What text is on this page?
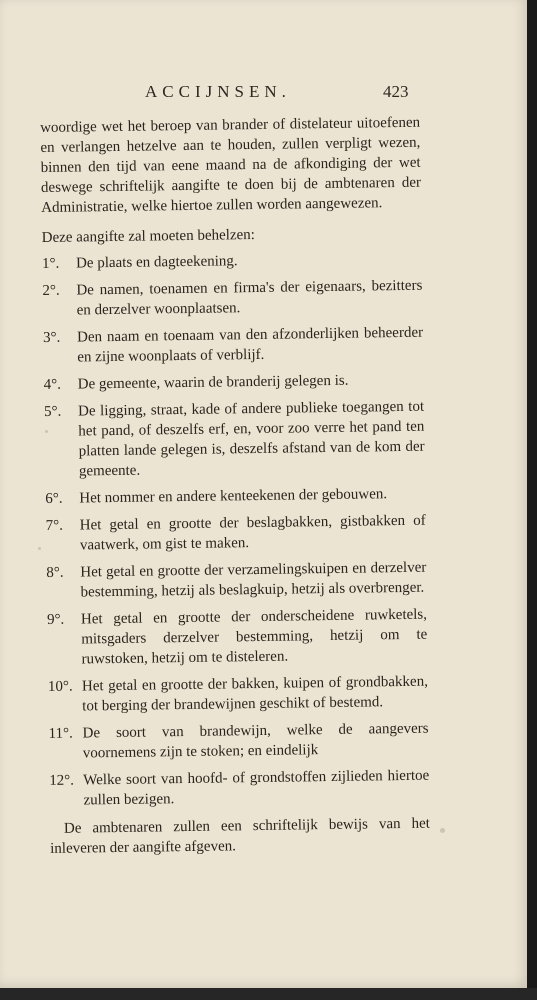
ACCIJNSEN.	423

woordige wet het beroep van brander of distelateur uitoefenen en verlangen hetzelve aan te houden, zullen verpligt wezen, binnen den tijd van eene maand na de afkondiging der wet deswege schriftelijk aangifte te doen bij de ambtenaren der Administratie, welke hiertoe zullen worden aangewezen.

Deze aangifte zal moeten behelzen:

1°.	De plaats en dagteekening.
2°.	De namen, toenamen en firma's der eigenaars, bezitters en derzelver woonplaatsen.
3°.	Den naam en toenaam van den afzonderlijken beheerder en zijne woonplaats of verblijf.
4°.	De gemeente, waarin de branderij gelegen is.
5°.	De ligging, straat, kade of andere publieke toegangen tot het pand, of deszelfs erf, en, voor zoo verre het pand ten platten lande gelegen is, deszelfs afstand van de kom der gemeente.
6°.	Het nommer en andere kenteekenen der gebouwen.
7°.	Het getal en grootte der beslagbakken, gistbakken of vaatwerk, om gist te maken.
8°.	Het getal en grootte der verzamelingskuipen en derzelver bestemming, hetzij als beslagkuip, hetzij als overbrenger.
9°.	Het getal en grootte der onderscheidene ruwketels, mitsgaders derzelver bestemming, hetzij om te ruwstoken, hetzij om te disteleren.
10°. Het getal en grootte der bakken, kuipen of grondbakken, tot berging der brandewijnen geschikt of bestemd.
11°. De soort van brandewijn, welke de aangevers voornemens zijn te stoken; en eindelijk
12°. Welke soort van hoofd- of grondstoffen zijlieden hiertoe zullen bezigen.

De ambtenaren zullen een schriftelijk bewijs van het inleveren der aangifte afgeven.
